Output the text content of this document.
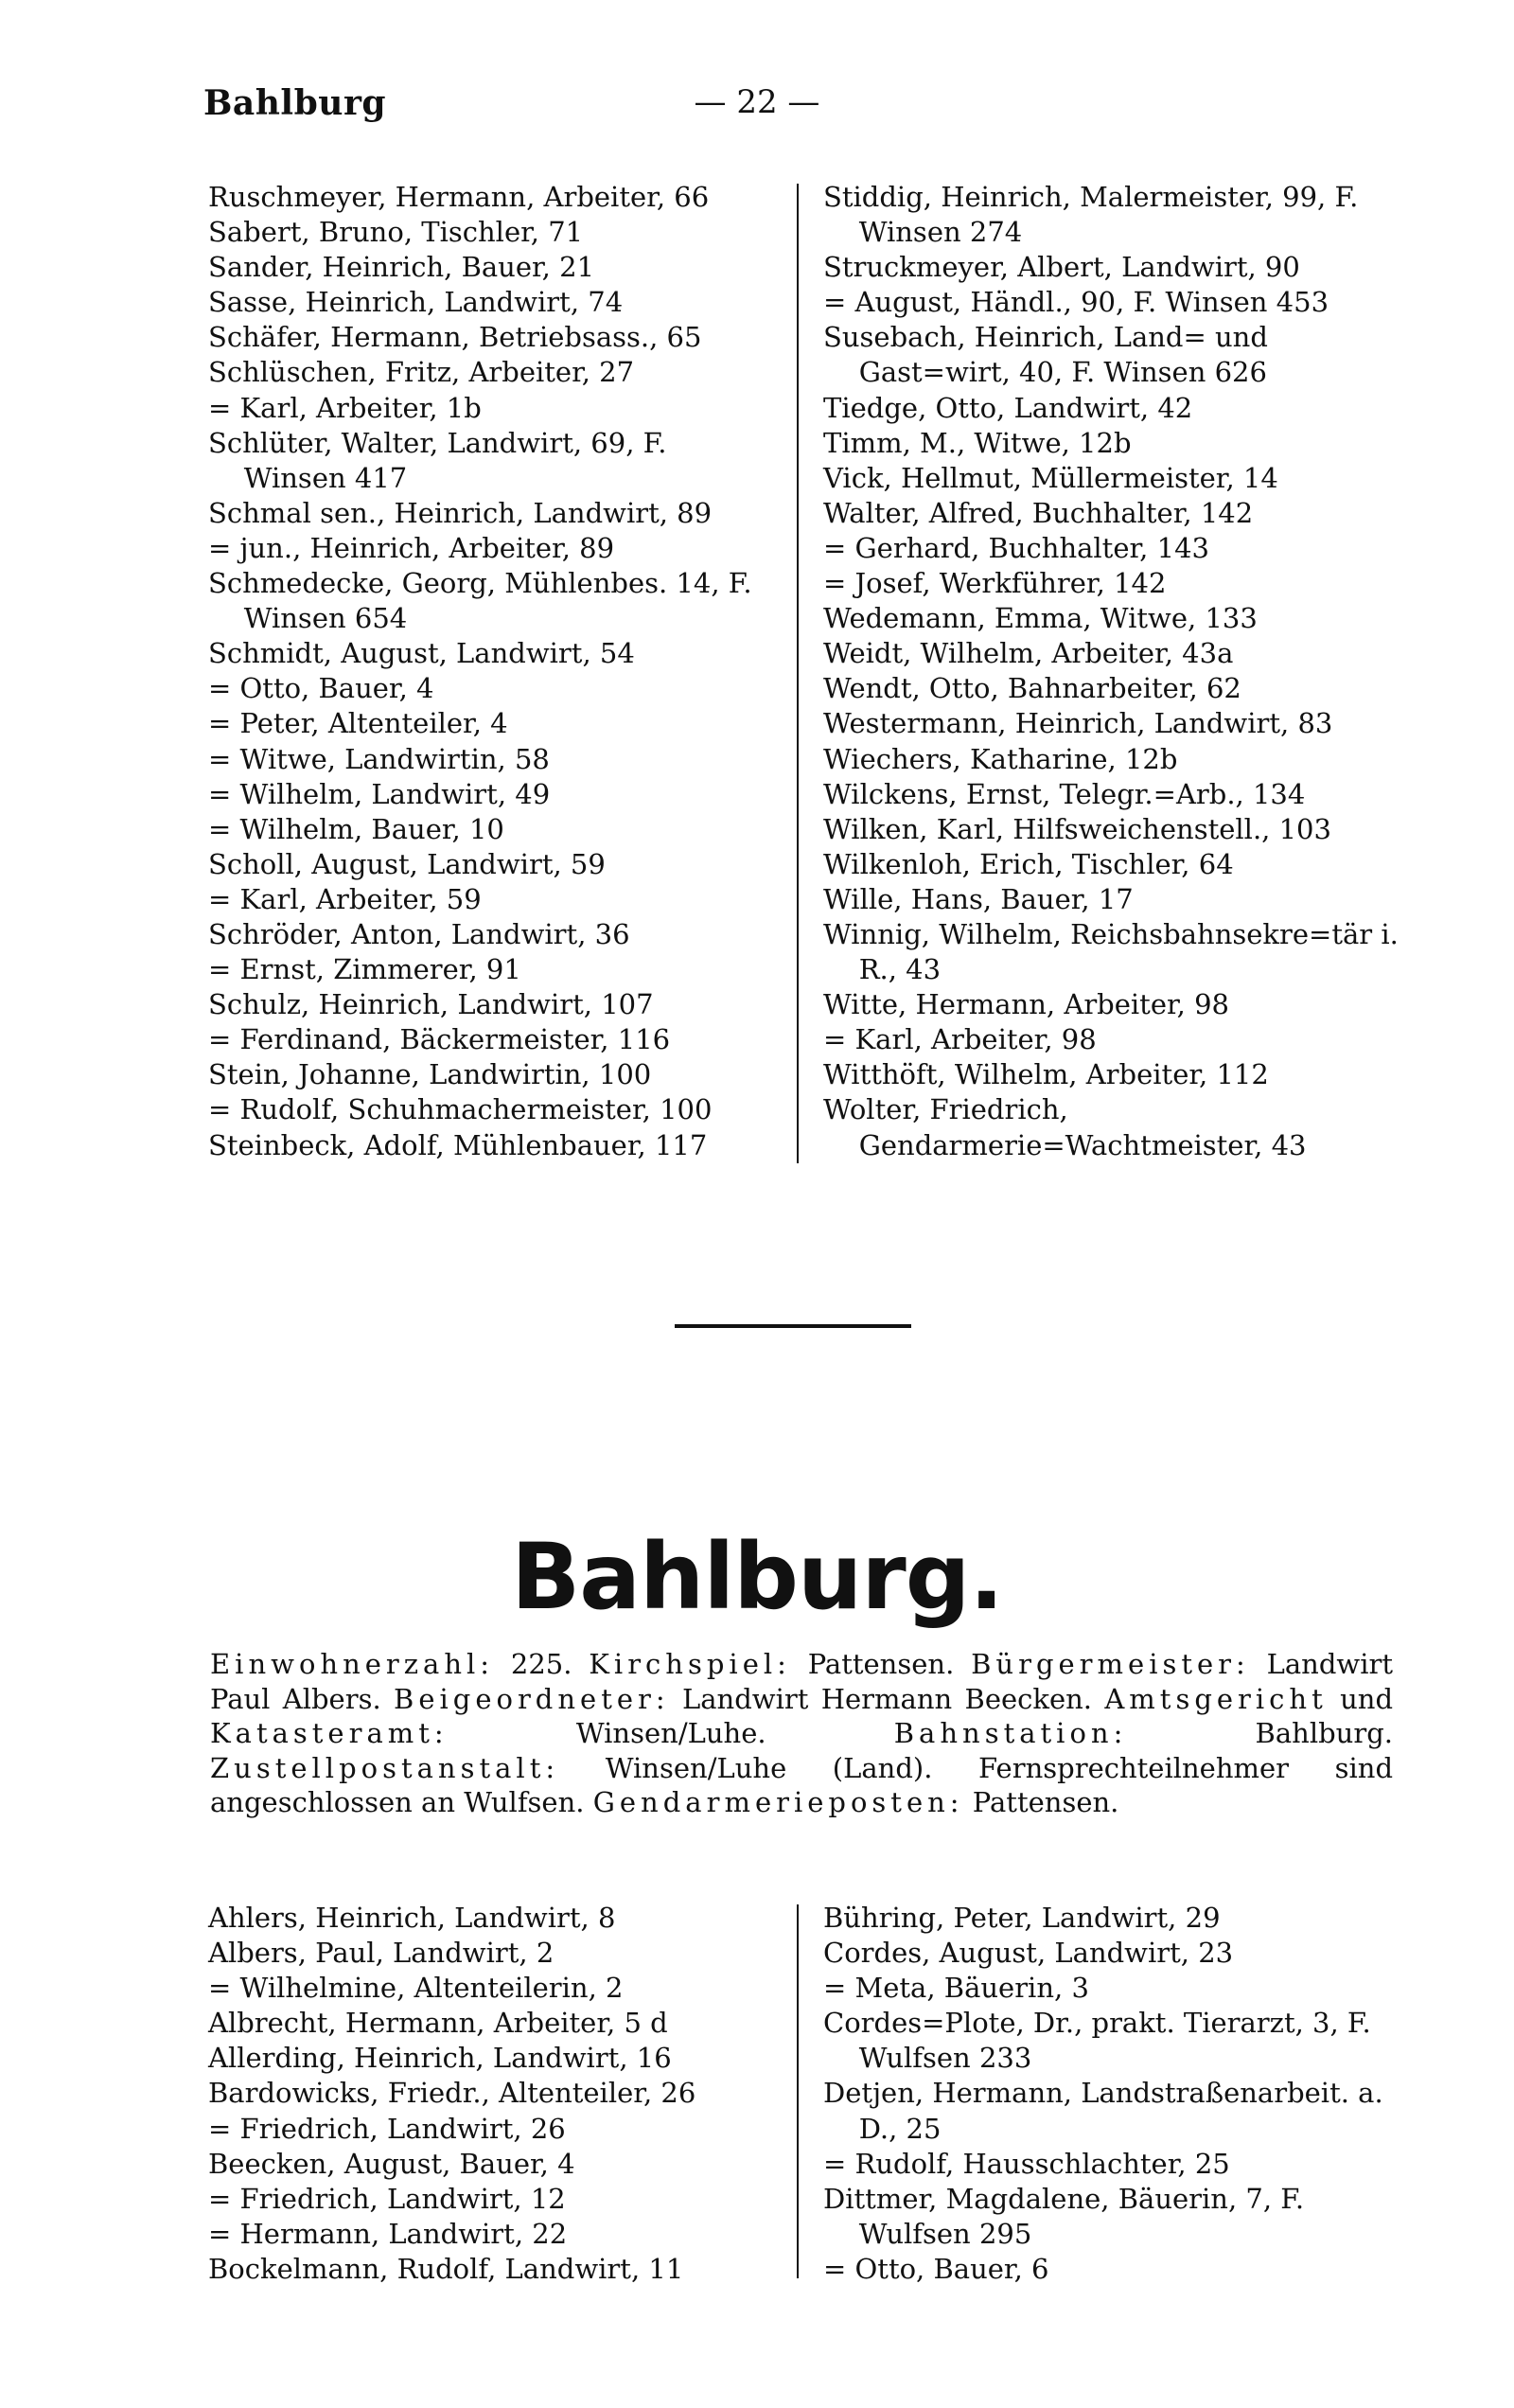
Bahlburg	— 22 —
Ruschmeyer, Hermann, Arbeiter, 66
Sabert, Bruno, Tischler, 71
Sander, Heinrich, Bauer, 21
Sasse, Heinrich, Landwirt, 74
Schäfer, Hermann, Betriebsass., 65
Schlüschen, Fritz, Arbeiter, 27
= Karl, Arbeiter, 1b
Schlüter, Walter, Landwirt, 69, F. Winsen 417
Schmal sen., Heinrich, Landwirt, 89
= jun., Heinrich, Arbeiter, 89
Schmedecke, Georg, Mühlenbes. 14, F. Winsen 654
Schmidt, August, Landwirt, 54
= Otto, Bauer, 4
= Peter, Altenteiler, 4
= Witwe, Landwirtin, 58
= Wilhelm, Landwirt, 49
= Wilhelm, Bauer, 10
Scholl, August, Landwirt, 59
= Karl, Arbeiter, 59
Schröder, Anton, Landwirt, 36
= Ernst, Zimmerer, 91
Schulz, Heinrich, Landwirt, 107
= Ferdinand, Bäckermeister, 116
Stein, Johanne, Landwirtin, 100
= Rudolf, Schuhmachermeister, 100
Steinbeck, Adolf, Mühlenbauer, 117
Stiddig, Heinrich, Malermeister, 99, F. Winsen 274
Struckmeyer, Albert, Landwirt, 90
= August, Händl., 90, F. Winsen 453
Susebach, Heinrich, Land= und Gast=wirt, 40, F. Winsen 626
Tiedge, Otto, Landwirt, 42
Timm, M., Witwe, 12b
Vick, Hellmut, Müllermeister, 14
Walter, Alfred, Buchhalter, 142
= Gerhard, Buchhalter, 143
= Josef, Werkführer, 142
Wedemann, Emma, Witwe, 133
Weidt, Wilhelm, Arbeiter, 43a
Wendt, Otto, Bahnarbeiter, 62
Westermann, Heinrich, Landwirt, 83
Wiechers, Katharine, 12b
Wilckens, Ernst, Telegr.=Arb., 134
Wilken, Karl, Hilfsweichenstell., 103
Wilkenloh, Erich, Tischler, 64
Wille, Hans, Bauer, 17
Winnig, Wilhelm, Reichsbahnsekre=tär i. R., 43
Witte, Hermann, Arbeiter, 98
= Karl, Arbeiter, 98
Witthöft, Wilhelm, Arbeiter, 112
Wolter, Friedrich, Gendarmerie=Wachtmeister, 43
Bahlburg.
Einwohnerzahl: 225. Kirchspiel: Pattensen. Bürgermeister: Landwirt Paul Albers. Beigeordneter: Landwirt Hermann Beecken. Amtsgericht und Katasteramt:	Winsen/Luhe.	Bahnstation:	Bahlburg. Zustellpostanstalt: Winsen/Luhe (Land). Fernsprechteilnehmer sind angeschlossen an Wulfsen. Gendarmerieposten: Pattensen.
Ahlers, Heinrich, Landwirt, 8
Albers, Paul, Landwirt, 2
= Wilhelmine, Altenteilerin, 2
Albrecht, Hermann, Arbeiter, 5 d
Allerding, Heinrich, Landwirt, 16
Bardowicks, Friedr., Altenteiler, 26
= Friedrich, Landwirt, 26
Beecken, August, Bauer, 4
= Friedrich, Landwirt, 12
= Hermann, Landwirt, 22
Bockelmann, Rudolf, Landwirt, 11
Bühring, Peter, Landwirt, 29
Cordes, August, Landwirt, 23
= Meta, Bäuerin, 3
Cordes=Plote, Dr., prakt. Tierarzt, 3, F. Wulfsen 233
Detjen, Hermann, Landstraßenarbeit. a. D., 25
= Rudolf, Hausschlachter, 25
Dittmer, Magdalene, Bäuerin, 7, F. Wulfsen 295
= Otto, Bauer, 6
